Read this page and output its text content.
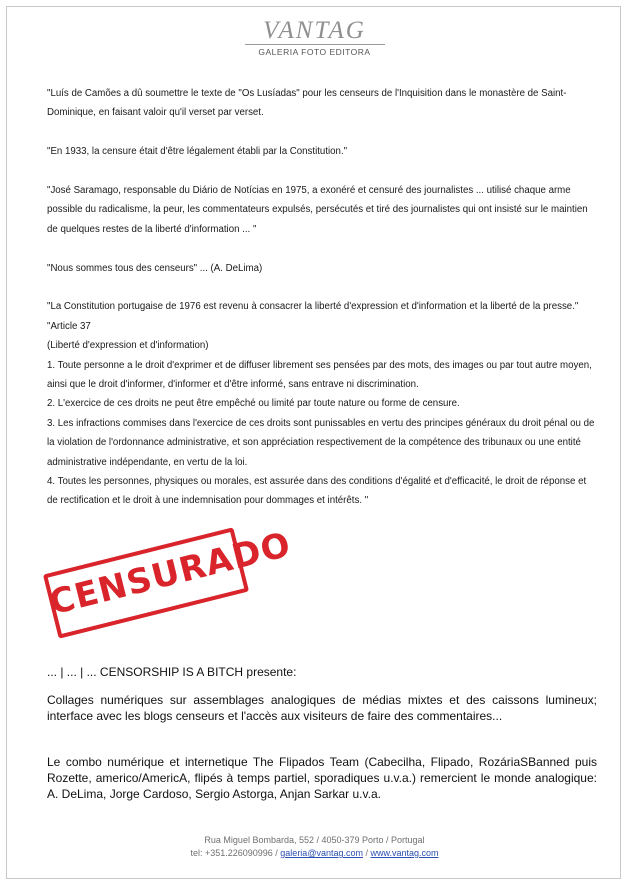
VANTAG
GALERIA FOTO EDITORA

"Luís de Camões a dû soumettre le texte de "Os Lusíadas" pour les censeurs de l'Inquisition dans le monastère de Saint-Dominique, en faisant valoir qu'il verset par verset.

"En 1933, la censure était d'être légalement établi par la Constitution."

"José Saramago, responsable du Diário de Notícias en 1975, a exonéré et censuré des journalistes ... utilisé chaque arme possible du radicalisme, la peur, les commentateurs expulsés, persécutés et tiré des journalistes qui ont insisté sur le maintien de quelques restes de la liberté d'information ... "

"Nous sommes tous des censeurs" ... (A. DeLima)

"La Constitution portugaise de 1976 est revenu à consacrer la liberté d'expression et d'information et la liberté de la presse."

"Article 37

(Liberté d'expression et d'information)

1. Toute personne a le droit d'exprimer et de diffuser librement ses pensées par des mots, des images ou par tout autre moyen, ainsi que le droit d'informer, d'informer et d'être informé, sans entrave ni discrimination.

2. L'exercice de ces droits ne peut être empêché ou limité par toute nature ou forme de censure.

3. Les infractions commises dans l'exercice de ces droits sont punissables en vertu des principes généraux du droit pénal ou de la violation de l'ordonnance administrative, et son appréciation respectivement de la compétence des tribunaux ou une entité administrative indépendante, en vertu de la loi.

4. Toutes les personnes, physiques ou morales, est assurée dans des conditions d'égalité et d'efficacité, le droit de réponse et de rectification et le droit à une indemnisation pour dommages et intérêts. "

CENSURADO
... | ... | ... CENSORSHIP IS A BITCH presente:
Collages numériques sur assemblages analogiques de médias mixtes et des caissons lumineux; interface avec les blogs censeurs et l'accès aux visiteurs de faire des commentaires...
Le combo numérique et internetique The Flipados Team (Cabecilha, Flipado, RozáriaSBanned puis Rozette, americo/AmericA, flipés à temps partiel, sporadiques u.v.a.) remercient le monde analogique: A. DeLima, Jorge Cardoso, Sergio Astorga, Anjan Sarkar u.v.a.
Rua Miguel Bombarda, 552 / 4050-379 Porto / Portugal
tel: +351.226090996 / galeria@vantag.com / www.vantag.com
